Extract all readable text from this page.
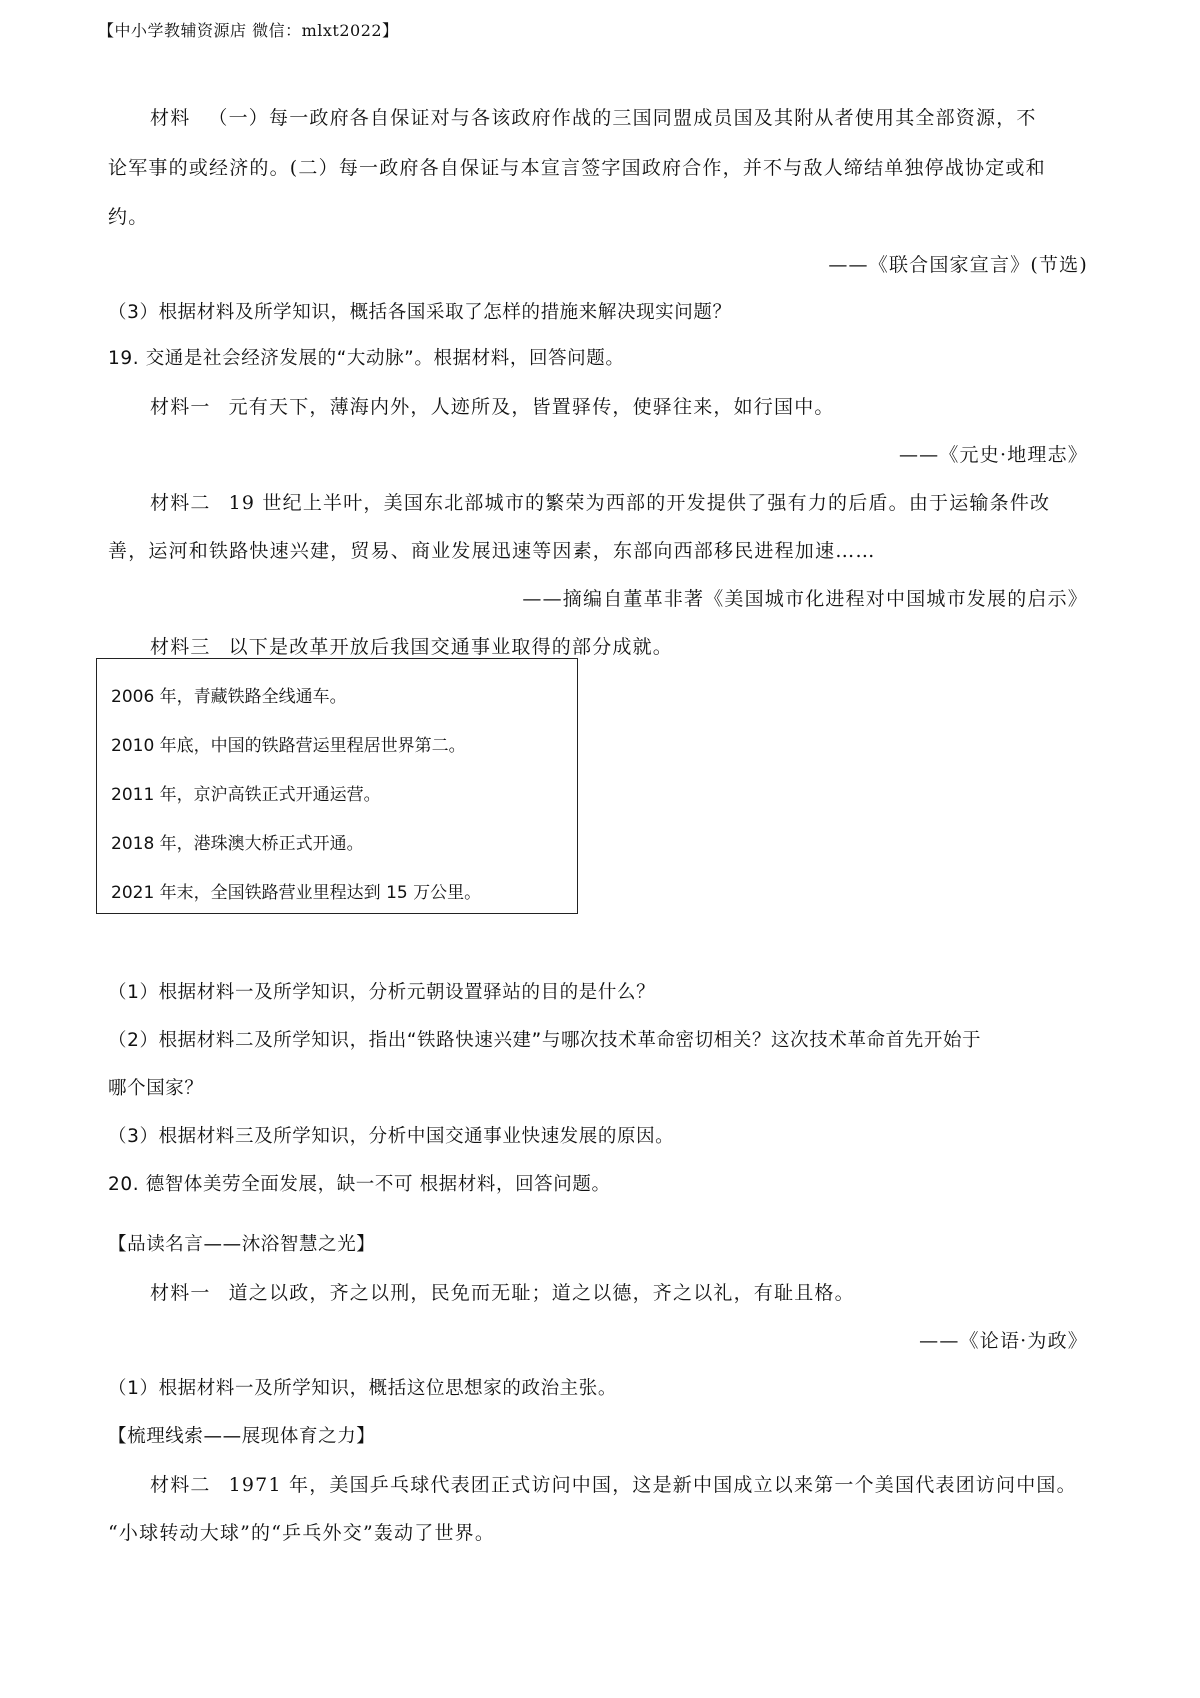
【中小学教辅资源店 微信：mlxt2022】
材料 （一）每一政府各自保证对与各该政府作战的三国同盟成员国及其附从者使用其全部资源，不
论军事的或经济的。(二）每一政府各自保证与本宣言签字国政府合作，并不与敌人缔结单独停战协定或和
约。
——《联合国家宣言》(节选)
（3）根据材料及所学知识，概括各国采取了怎样的措施来解决现实问题？
19. 交通是社会经济发展的“大动脉”。根据材料，回答问题。
材料一 元有天下，薄海内外，人迹所及，皆置驿传，使驿往来，如行国中。
——《元史·地理志》
材料二 19 世纪上半叶，美国东北部城市的繁荣为西部的开发提供了强有力的后盾。由于运输条件改
善，运河和铁路快速兴建，贸易、商业发展迅速等因素，东部向西部移民进程加速……
——摘编自董革非著《美国城市化进程对中国城市发展的启示》
材料三 以下是改革开放后我国交通事业取得的部分成就。
2006 年，青藏铁路全线通车。
2010 年底，中国的铁路营运里程居世界第二。
2011 年，京沪高铁正式开通运营。
2018 年，港珠澳大桥正式开通。
2021 年末，全国铁路营业里程达到 15 万公里。
（1）根据材料一及所学知识，分析元朝设置驿站的目的是什么？
（2）根据材料二及所学知识，指出“铁路快速兴建”与哪次技术革命密切相关？这次技术革命首先开始于
哪个国家？
（3）根据材料三及所学知识，分析中国交通事业快速发展的原因。
20. 德智体美劳全面发展，缺一不可 根据材料，回答问题。
【品读名言——沐浴智慧之光】
材料一 道之以政，齐之以刑，民免而无耻；道之以德，齐之以礼，有耻且格。
——《论语·为政》
（1）根据材料一及所学知识，概括这位思想家的政治主张。
【梳理线索——展现体育之力】
材料二 1971 年，美国乒乓球代表团正式访问中国，这是新中国成立以来第一个美国代表团访问中国。
“小球转动大球”的“乒乓外交”轰动了世界。
